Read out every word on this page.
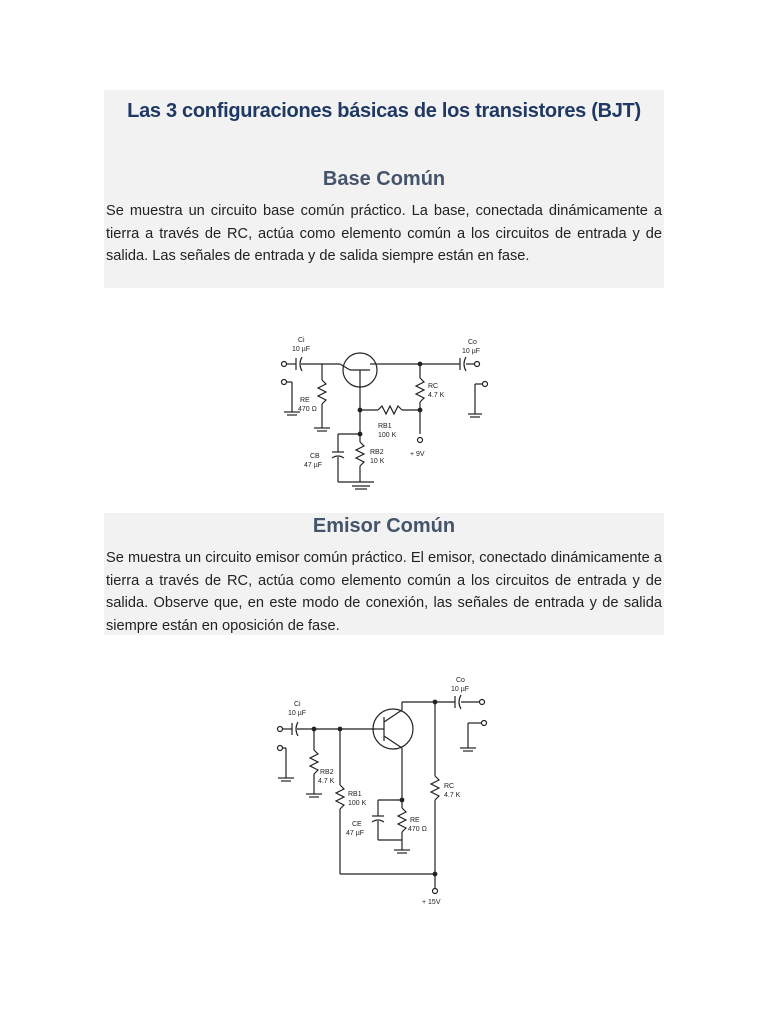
Las 3 configuraciones básicas de los transistores (BJT)
Base Común

Se muestra un circuito base común práctico. La base, conectada dinámicamente a tierra a través de RC, actúa como elemento común a los circuitos de entrada y de salida. Las señales de entrada y de salida siempre están en fase.

Ci
10 µF
Co
10 µF
RE
470 Ω
RC
4.7 K
RB1
100 K
RB2
10 K
CB
47 µF
+ 9V
Emisor Común

Se muestra un circuito emisor común práctico. El emisor, conectado dinámicamente a tierra a través de RC, actúa como elemento común a los circuitos de entrada y de salida. Observe que, en este modo de conexión, las señales de entrada y de salida siempre están en oposición de fase.

Ci
10 µF
Co
10 µF
RB2
4.7 K
RB1
100 K
CE
47 µF
RE
470 Ω
RC
4.7 K
+ 15V
